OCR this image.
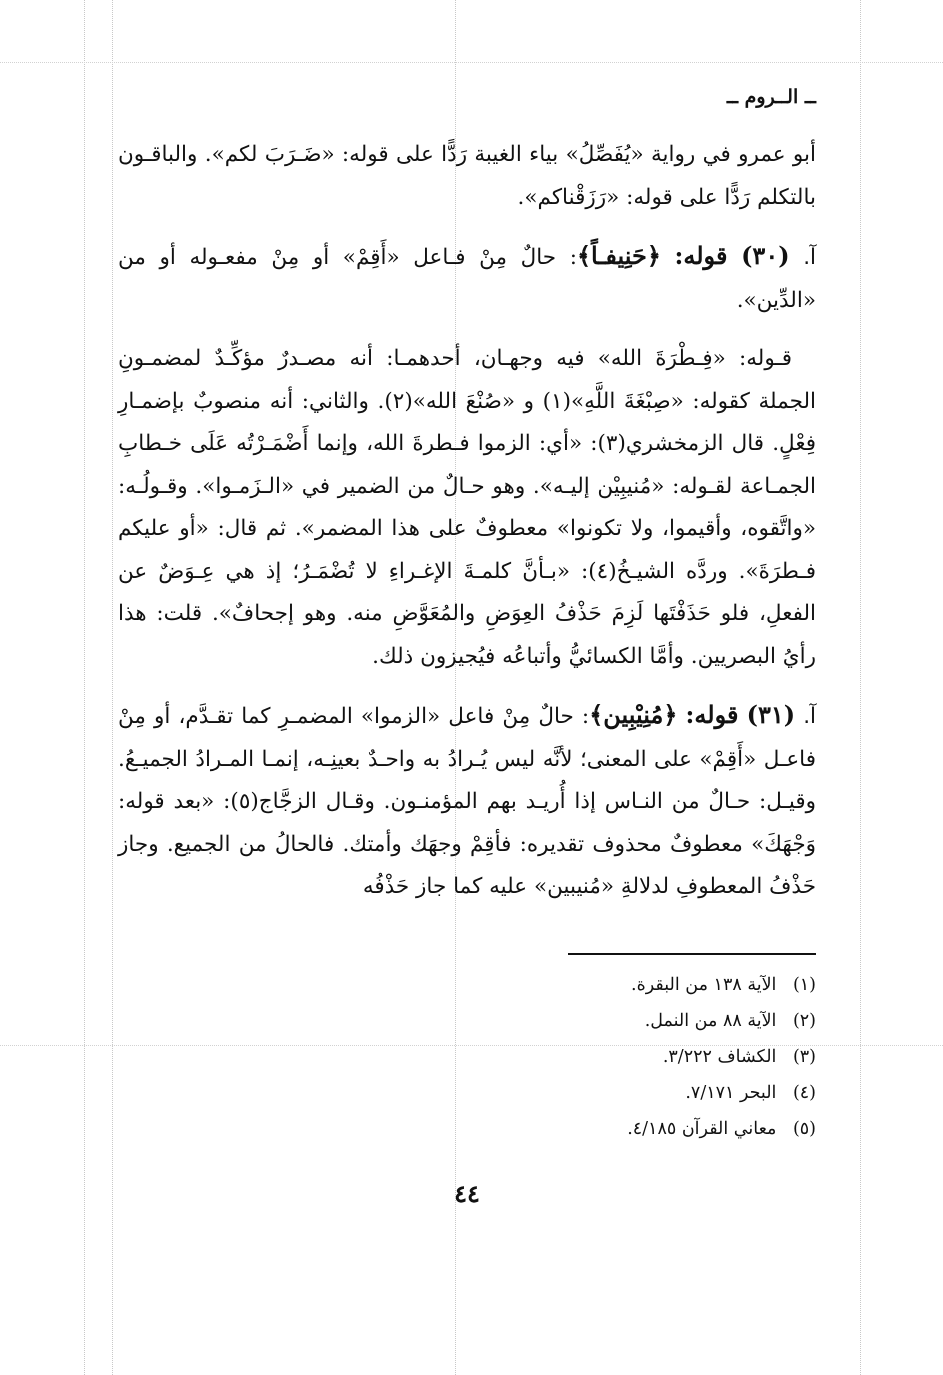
ــ الــروم ــ

أبو عمرو في رواية «يُفَصِّلُ» بياء الغيبة رَدًّا على قوله: «ضَـرَبَ لكم». والباقـون بالتكلم رَدًّا على قوله: «رَزَقْناكم».

آ. (٣٠) قوله: ﴿حَنِيفـاً﴾: حالٌ مِنْ فـاعل «أَقِمْ» أو مِنْ مفعـوله أو من «الدِّين».

قـوله: «فِـطْرَةَ الله» فيه وجهـان، أحدهمـا: أنه مصـدرٌ مؤكِّـدٌ لمضمـونِ الجملة كقوله: «صِبْغَةَ اللَّهِ»(١) و «صُنْعَ الله»(٢). والثاني: أنه منصوبٌ بإضمـارِ فِعْلٍ. قال الزمخشري(٣): «أي: الزموا فـطرةَ الله، وإنما أَضْمَـرْتُه عَلَى خـطابِ الجمـاعة لقـوله: «مُنيبِيْن إليـه». وهو حـالٌ من الضمير في «الـزَمـوا». وقـولُـه: «واتَّقوه، وأقيموا، ولا تكونوا» معطوفٌ على هذا المضمر». ثم قال: «أو عليكم فـطرَةَ». وردَّه الشيـخُ(٤): «بـأنَّ كلمـةَ الإغـراءِ لا تُضْمَـرُ؛ إذ هي عِـوَضٌ عن الفعلِ، فلو حَذَفْتَها لَزِمَ حَذْفُ العِوَضِ والمُعَوَّضِ منه. وهو إجحافٌ». قلت: هذا رأيُ البصريين. وأمَّا الكسائيُّ وأتباعُه فيُجيزون ذلك.

آ. (٣١) قوله: ﴿مُنِيْبِين﴾: حالٌ مِنْ فاعل «الزموا» المضمـرِ كما تقـدَّم، أو مِنْ فاعـل «أَقِمْ» على المعنى؛ لأنَّه ليس يُـرادُ به واحـدٌ بعينِـه، إنمـا المـرادُ الجميـعُ. وقيـل: حـالٌ من النـاس إذا أُريـد بهم المؤمنـون. وقـال الزجَّاج(٥): «بعد قوله: وَجْهَكَ» معطوفٌ محذوف تقديره: فأقِمْ وجهَك وأمتك. فالحالُ من الجميع. وجاز حَذْفُ المعطوفِ لدلالةِ «مُنيبين» عليه كما جاز حَذْفُه

(١) الآية ١٣٨ من البقرة.
(٢) الآية ٨٨ من النمل.
(٣) الكشاف ٣/٢٢٢.
(٤) البحر ٧/١٧١.
(٥) معاني القرآن ٤/١٨٥.
٤٤
